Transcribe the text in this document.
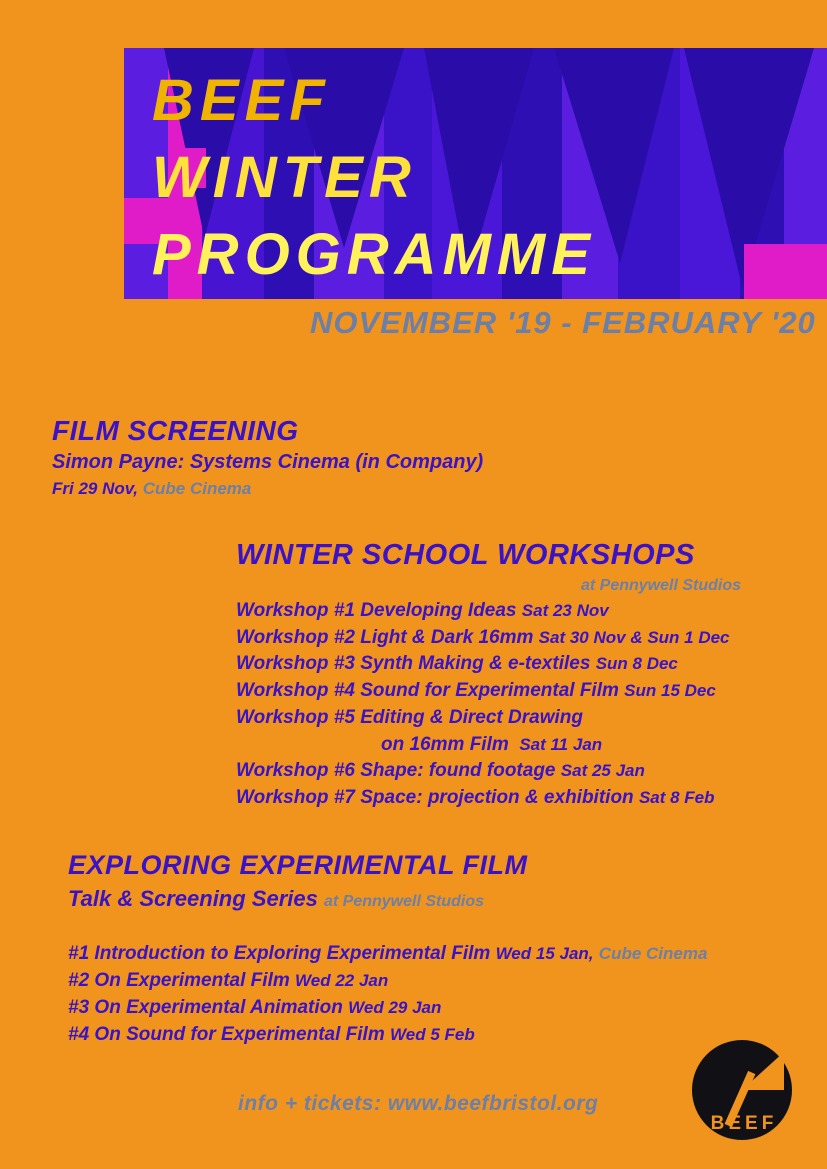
BEEF
WINTER
PROGRAMME
NOVEMBER '19 - FEBRUARY '20
FILM SCREENING
Simon Payne: Systems Cinema (in Company)
Fri 29 Nov, Cube Cinema
WINTER SCHOOL WORKSHOPS
at Pennywell Studios
Workshop #1 Developing Ideas Sat 23 Nov
Workshop #2 Light & Dark 16mm Sat 30 Nov & Sun 1 Dec
Workshop #3 Synth Making & e-textiles Sun 8 Dec
Workshop #4 Sound for Experimental Film Sun 15 Dec
Workshop #5 Editing & Direct Drawing
on 16mm Film Sat 11 Jan
Workshop #6 Shape: found footage Sat 25 Jan
Workshop #7 Space: projection & exhibition Sat 8 Feb
EXPLORING EXPERIMENTAL FILM
Talk & Screening Series at Pennywell Studios
#1 Introduction to Exploring Experimental Film Wed 15 Jan, Cube Cinema
#2 On Experimental Film Wed 22 Jan
#3 On Experimental Animation Wed 29 Jan
#4 On Sound for Experimental Film Wed 5 Feb
info + tickets: www.beefbristol.org
BEEF
